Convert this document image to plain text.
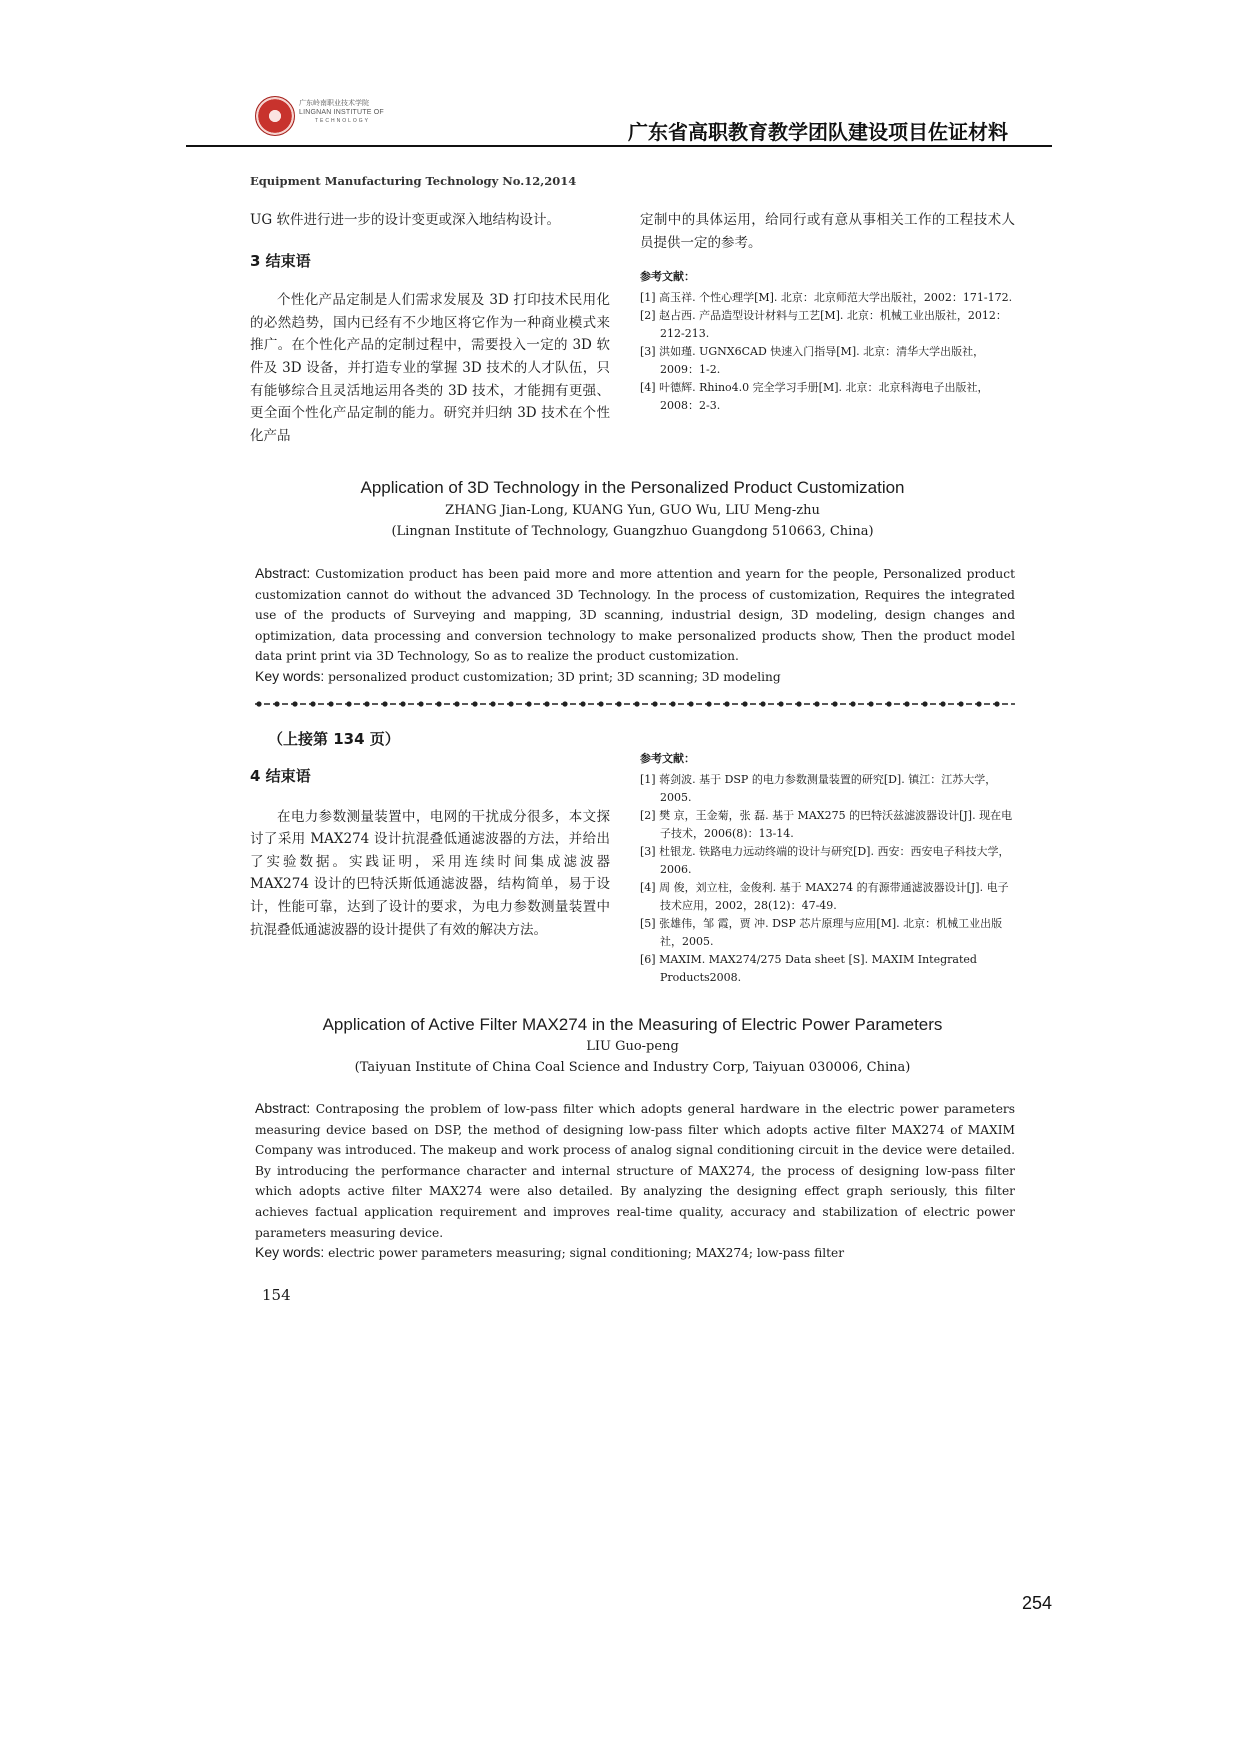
广东岭南职业技术学院
LINGNAN INSTITUTE OF
TECHNOLOGY	广东省高职教育教学团队建设项目佐证材料
Equipment Manufacturing Technology No.12,2014

UG 软件进行进一步的设计变更或深入地结构设计。

3 结束语

个性化产品定制是人们需求发展及 3D 打印技术民用化的必然趋势，国内已经有不少地区将它作为一种商业模式来推广。在个性化产品的定制过程中，需要投入一定的 3D 软件及 3D 设备，并打造专业的掌握 3D 技术的人才队伍，只有能够综合且灵活地运用各类的 3D 技术，才能拥有更强、更全面个性化产品定制的能力。研究并归纳 3D 技术在个性化产品

定制中的具体运用，给同行或有意从事相关工作的工程技术人员提供一定的参考。

参考文献：

[1] 高玉祥. 个性心理学[M]. 北京：北京师范大学出版社，2002：171-172.

[2] 赵占西. 产品造型设计材料与工艺[M]. 北京：机械工业出版社，2012：212-213.

[3] 洪如瑾. UGNX6CAD 快速入门指导[M]. 北京：清华大学出版社，2009：1-2.

[4] 叶德辉. Rhino4.0 完全学习手册[M]. 北京：北京科海电子出版社，2008：2-3.

Application of 3D Technology in the Personalized Product Customization
ZHANG Jian-Long, KUANG Yun, GUO Wu, LIU Meng-zhu
(Lingnan Institute of Technology, Guangzhuo Guangdong 510663, China)
Abstract: Customization product has been paid more and more attention and yearn for the people, Personalized product customization cannot do without the advanced 3D Technology. In the process of customization, Requires the integrated use of the products of Surveying and mapping, 3D scanning, industrial design, 3D modeling, design changes and optimization, data processing and conversion technology to make personalized products show, Then the product model data print print via 3D Technology, So as to realize the product customization.
Key words: personalized product customization; 3D print; 3D scanning; 3D modeling
（上接第 134 页）

4 结束语

在电力参数测量装置中，电网的干扰成分很多，本文探讨了采用 MAX274 设计抗混叠低通滤波器的方法，并给出了实验数据。实践证明，采用连续时间集成滤波器 MAX274 设计的巴特沃斯低通滤波器，结构简单，易于设计，性能可靠，达到了设计的要求，为电力参数测量装置中抗混叠低通滤波器的设计提供了有效的解决方法。

参考文献：

[1] 蒋剑波. 基于 DSP 的电力参数测量装置的研究[D]. 镇江：江苏大学，2005.

[2] 樊 京，王金菊，张 磊. 基于 MAX275 的巴特沃兹滤波器设计[J]. 现在电子技术，2006(8)：13-14.

[3] 杜银龙. 铁路电力远动终端的设计与研究[D]. 西安：西安电子科技大学，2006.

[4] 周 俊，刘立柱，金俊利. 基于 MAX274 的有源带通滤波器设计[J]. 电子技术应用，2002，28(12)：47-49.

[5] 张雄伟，邹 霞，贾 冲. DSP 芯片原理与应用[M]. 北京：机械工业出版社，2005.

[6] MAXIM. MAX274/275 Data sheet [S]. MAXIM Integrated Products2008.

Application of Active Filter MAX274 in the Measuring of Electric Power Parameters
LIU Guo-peng
(Taiyuan Institute of China Coal Science and Industry Corp, Taiyuan 030006, China)
Abstract: Contraposing the problem of low-pass filter which adopts general hardware in the electric power parameters measuring device based on DSP, the method of designing low-pass filter which adopts active filter MAX274 of MAXIM Company was introduced. The makeup and work process of analog signal conditioning circuit in the device were detailed. By introducing the performance character and internal structure of MAX274, the process of designing low-pass filter which adopts active filter MAX274 were also detailed. By analyzing the designing effect graph seriously, this filter achieves factual application requirement and improves real-time quality, accuracy and stabilization of electric power parameters measuring device.
Key words: electric power parameters measuring; signal conditioning; MAX274; low-pass filter
154
254
